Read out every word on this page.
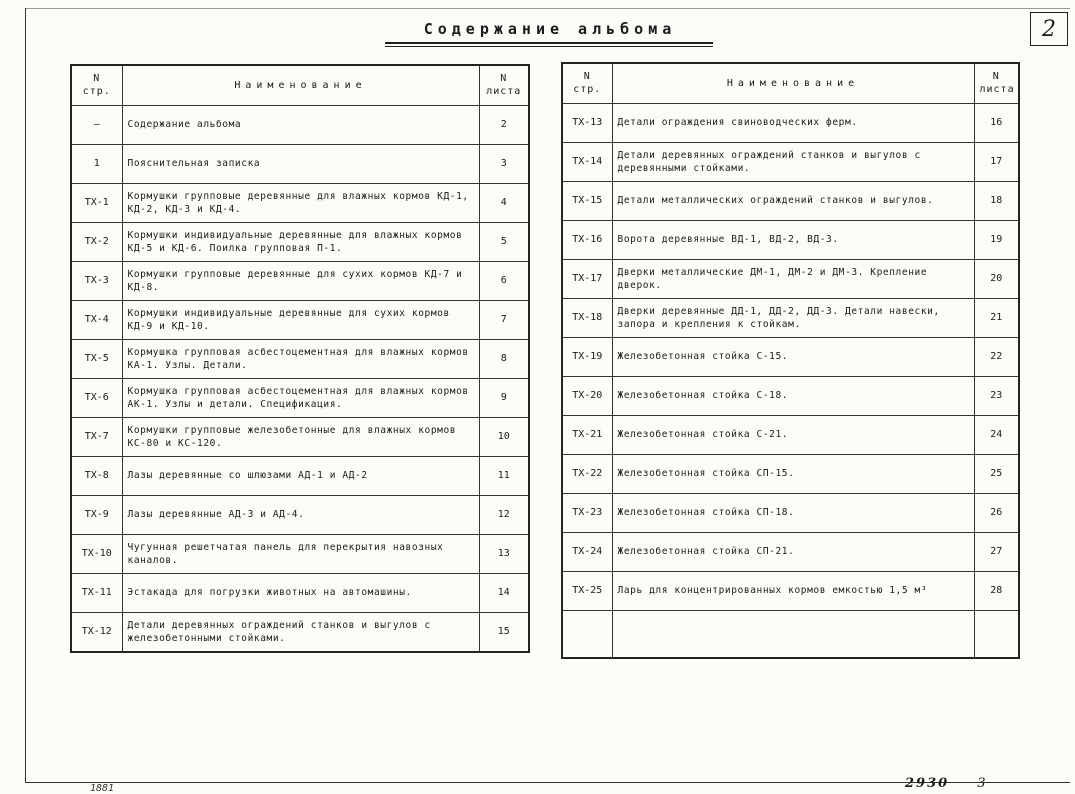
2
Содержание альбома
N стр.	Наименование	N листа
—	Содержание альбома	2
1	Пояснительная записка	3
ТХ-1	Кормушки групповые деревянные для влажных кормов КД-1, КД-2, КД-3 и КД-4.	4
ТХ-2	Кормушки индивидуальные деревянные для влажных кормов КД-5 и КД-6. Поилка групповая П-1.	5
ТХ-3	Кормушки групповые деревянные для сухих кормов КД-7 и КД-8.	6
ТХ-4	Кормушки индивидуальные деревянные для сухих кормов КД-9 и КД-10.	7
ТХ-5	Кормушка групповая асбестоцементная для влажных кормов КА-1. Узлы. Детали.	8
ТХ-6	Кормушка групповая асбестоцементная для влажных кормов АК-1. Узлы и детали. Спецификация.	9
ТХ-7	Кормушки групповые железобетонные для влажных кормов КС-80 и КС-120.	10
ТХ-8	Лазы деревянные со шлюзами АД-1 и АД-2	11
ТХ-9	Лазы деревянные АД-3 и АД-4.	12
ТХ-10	Чугунная решетчатая панель для перекрытия навозных каналов.	13
ТХ-11	Эстакада для погрузки животных на автомашины.	14
ТХ-12	Детали деревянных ограждений станков и выгулов с железобетонными стойками.	15
N стр.	Наименование	N листа
ТХ-13	Детали ограждения свиноводческих ферм.	16
ТХ-14	Детали деревянных ограждений станков и выгулов с деревянными стойками.	17
ТХ-15	Детали металлических ограждений станков и выгулов.	18
ТХ-16	Ворота деревянные ВД-1, ВД-2, ВД-3.	19
ТХ-17	Дверки металлические ДМ-1, ДМ-2 и ДМ-3. Крепление дверок.	20
ТХ-18	Дверки деревянные ДД-1, ДД-2, ДД-3. Детали навески, запора и крепления к стойкам.	21
ТХ-19	Железобетонная стойка С-15.	22
ТХ-20	Железобетонная стойка С-18.	23
ТХ-21	Железобетонная стойка С-21.	24
ТХ-22	Железобетонная стойка СП-15.	25
ТХ-23	Железобетонная стойка СП-18.	26
ТХ-24	Железобетонная стойка СП-21.	27
ТХ-25	Ларь для концентрированных кормов емкостью 1,5 м³	28

1881	2930 3
